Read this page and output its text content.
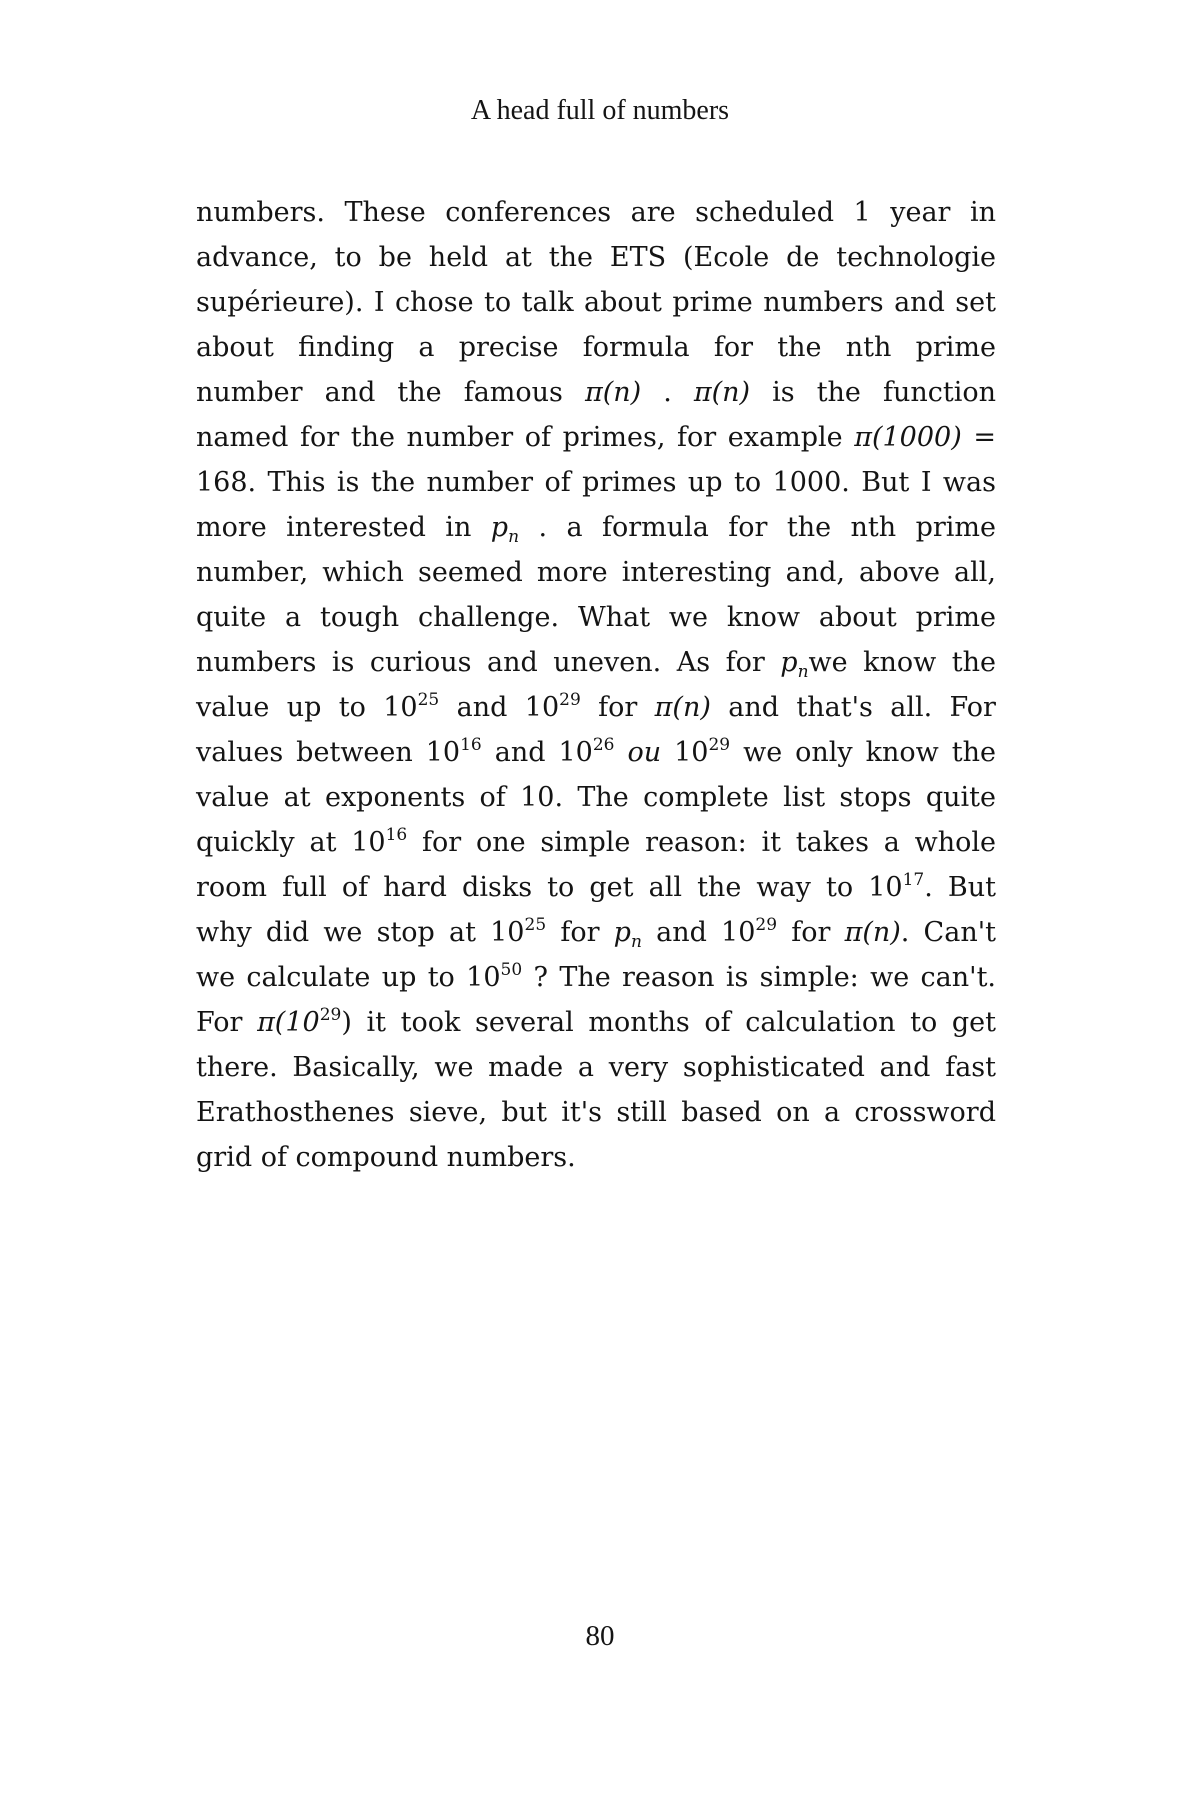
A head full of numbers
numbers. These conferences are scheduled 1 year in
advance, to be held at the ETS (Ecole de technologie
supérieure). I chose to talk about prime numbers and set
about finding a precise formula for the nth prime
number and the famous π(n) . π(n) is the function
named for the number of primes, for example π(1000) =
168. This is the number of primes up to 1000. But I was
more interested in $p_n$ . a formula for the nth prime
number, which seemed more interesting and, above all,
quite a tough challenge. What we know about prime
numbers is curious and uneven. As for $p_nwe$ know the
value up to $10^{25}$ and $10^{29}$ for π(n) and that's all. For
values between $10^{16}$ and $10^{26}$ ou $10^{29}$ we only know the
value at exponents of 10. The complete list stops quite
quickly at $10^{16}$ for one simple reason: it takes a whole
room full of hard disks to get all the way to $10^{17}$. But
why did we stop at $10^{25}$ for $p_n$ and $10^{29}$ for π(n). Can't
we calculate up to $10^{50}$ ? The reason is simple: we can't.
For $\pi(10^{29})$ it took several months of calculation to get
there. Basically, we made a very sophisticated and fast
Erathosthenes sieve, but it's still based on a crossword
grid of compound numbers.
80
